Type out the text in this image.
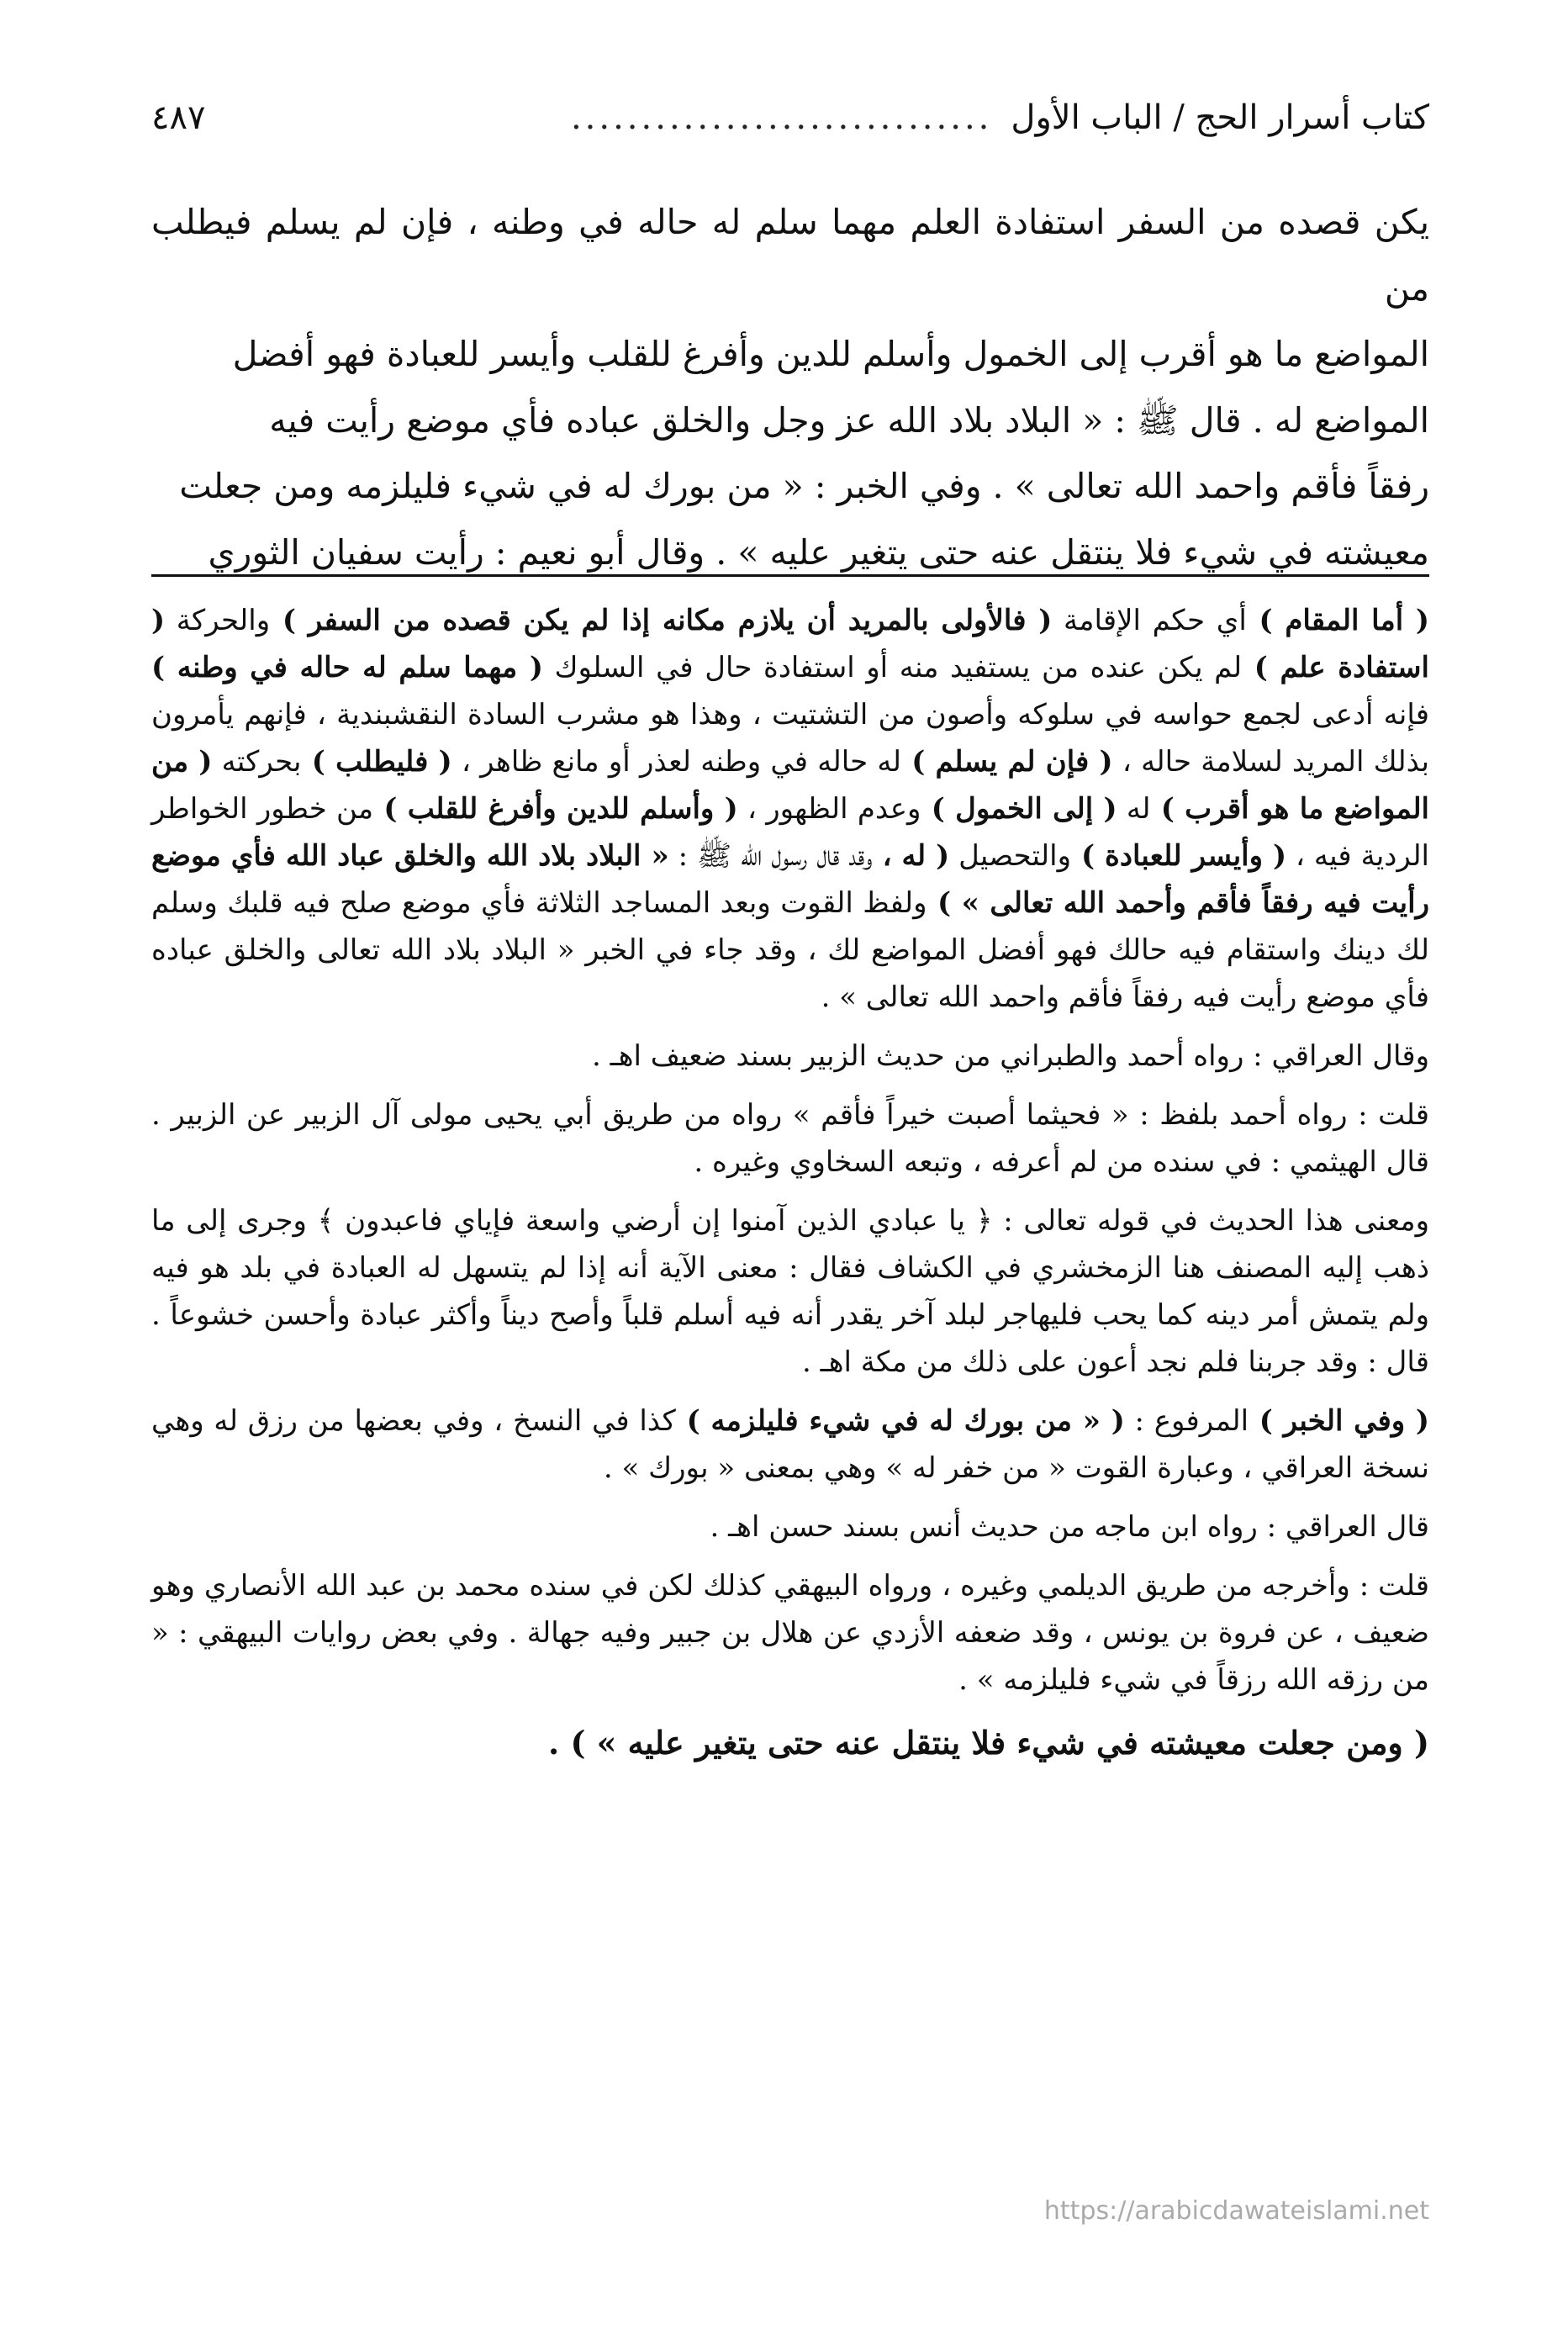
كتاب أسرار الحج / الباب الأول
..............................
٤٨٧

يكن قصده من السفر استفادة العلم مهما سلم له حاله في وطنه ، فإن لم يسلم فيطلب من

المواضع ما هو أقرب إلى الخمول وأسلم للدين وأفرغ للقلب وأيسر للعبادة فهو أفضل

المواضع له . قال ﷺ : « البلاد بلاد الله عز وجل والخلق عباده فأي موضع رأيت فيه

رفقاً فأقم واحمد الله تعالى » . وفي الخبر : « من بورك له في شيء فليلزمه ومن جعلت

معيشته في شيء فلا ينتقل عنه حتى يتغير عليه » . وقال أبو نعيم : رأيت سفيان الثوري

( أما المقام ) أي حكم الإقامة ( فالأولى بالمريد أن يلازم مكانه إذا لم يكن قصده من السفر ) والحركة ( استفادة علم ) لم يكن عنده من يستفيد منه أو استفادة حال في السلوك ( مهما سلم له حاله في وطنه ) فإنه أدعى لجمع حواسه في سلوكه وأصون من التشتيت ، وهذا هو مشرب السادة النقشبندية ، فإنهم يأمرون بذلك المريد لسلامة حاله ، ( فإن لم يسلم ) له حاله في وطنه لعذر أو مانع ظاهر ، ( فليطلب ) بحركته ( من المواضع ما هو أقرب ) له ( إلى الخمول ) وعدم الظهور ، ( وأسلم للدين وأفرغ للقلب ) من خطور الخواطر الردية فيه ، ( وأيسر للعبادة ) والتحصيل ( له ، وقد قال رسول الله ﷺ : « البلاد بلاد الله والخلق عباد الله فأي موضع رأيت فيه رفقاً فأقم وأحمد الله تعالى » ) ولفظ القوت وبعد المساجد الثلاثة فأي موضع صلح فيه قلبك وسلم لك دينك واستقام فيه حالك فهو أفضل المواضع لك ، وقد جاء في الخبر « البلاد بلاد الله تعالى والخلق عباده فأي موضع رأيت فيه رفقاً فأقم واحمد الله تعالى » .

وقال العراقي : رواه أحمد والطبراني من حديث الزبير بسند ضعيف اهـ .

قلت : رواه أحمد بلفظ : « فحيثما أصبت خيراً فأقم » رواه من طريق أبي يحيى مولى آل الزبير عن الزبير . قال الهيثمي : في سنده من لم أعرفه ، وتبعه السخاوي وغيره .

ومعنى هذا الحديث في قوله تعالى : ﴿ يا عبادي الذين آمنوا إن أرضي واسعة فإياي فاعبدون ﴾ وجرى إلى ما ذهب إليه المصنف هنا الزمخشري في الكشاف فقال : معنى الآية أنه إذا لم يتسهل له العبادة في بلد هو فيه ولم يتمش أمر دينه كما يحب فليهاجر لبلد آخر يقدر أنه فيه أسلم قلباً وأصح ديناً وأكثر عبادة وأحسن خشوعاً . قال : وقد جربنا فلم نجد أعون على ذلك من مكة اهـ .

( وفي الخبر ) المرفوع : ( « من بورك له في شيء فليلزمه ) كذا في النسخ ، وفي بعضها من رزق له وهي نسخة العراقي ، وعبارة القوت « من خفر له » وهي بمعنى « بورك » .

قال العراقي : رواه ابن ماجه من حديث أنس بسند حسن اهـ .

قلت : وأخرجه من طريق الديلمي وغيره ، ورواه البيهقي كذلك لكن في سنده محمد بن عبد الله الأنصاري وهو ضعيف ، عن فروة بن يونس ، وقد ضعفه الأزدي عن هلال بن جبير وفيه جهالة . وفي بعض روايات البيهقي : « من رزقه الله رزقاً في شيء فليلزمه » .

( ومن جعلت معيشته في شيء فلا ينتقل عنه حتى يتغير عليه » ) .

https://arabicdawateislami.net
